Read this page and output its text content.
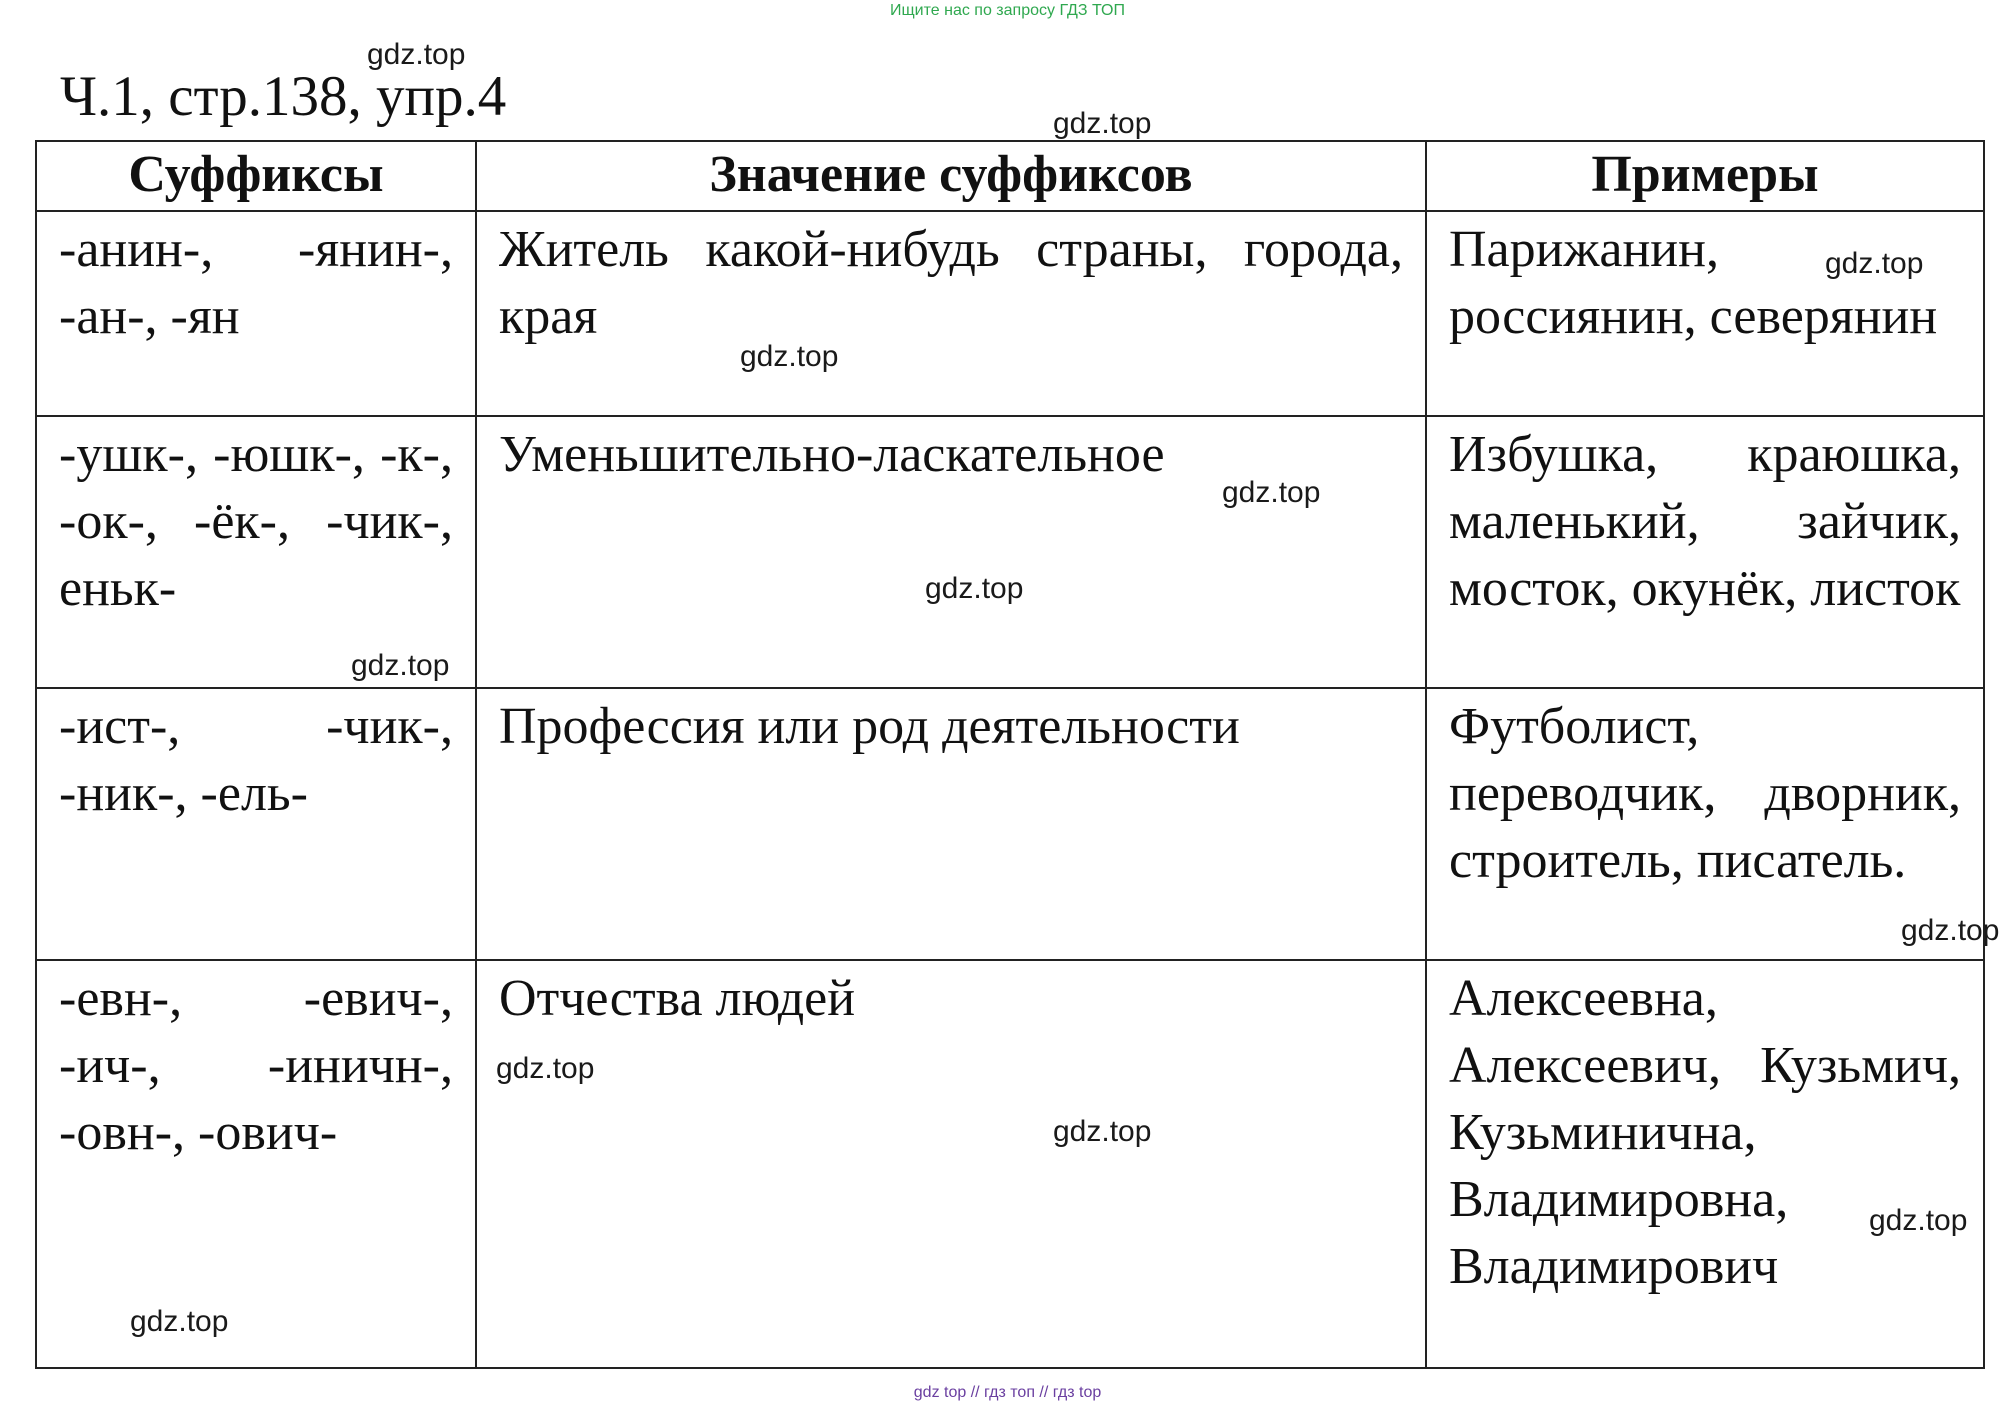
Ищите нас по запросу ГДЗ ТОП
Ч.1, стр.138, упр.4
Суффиксы	Значение суффиксов	Примеры

-анин-, -янин-, -ан-, -ян	Житель какой-нибудь страны, города, края	Парижанин, россиянин, северянин

-ушк-, -юшк-, -к-, -ок-, -ёк-, -чик-, еньк-	Уменьшительно-ласкательное	Избушка, краюшка, маленький, зайчик, мосток, окунёк, листок

-ист-, -чик-, -ник-, -ель-	Профессия или род деятельности	Футболист, переводчик, дворник, строитель, писатель.

-евн-, -евич-, -ич-, -иничн-, -овн-, -ович-	Отчества людей	Алексеевна, Алексеевич, Кузьмич, Кузьминична, Владимировна, Владимирович
gdz.top
gdz.top
gdz.top
gdz.top
gdz.top
gdz.top
gdz.top
gdz.top
gdz.top
gdz.top
gdz.top
gdz.top
gdz top // гдз топ // гдз top
